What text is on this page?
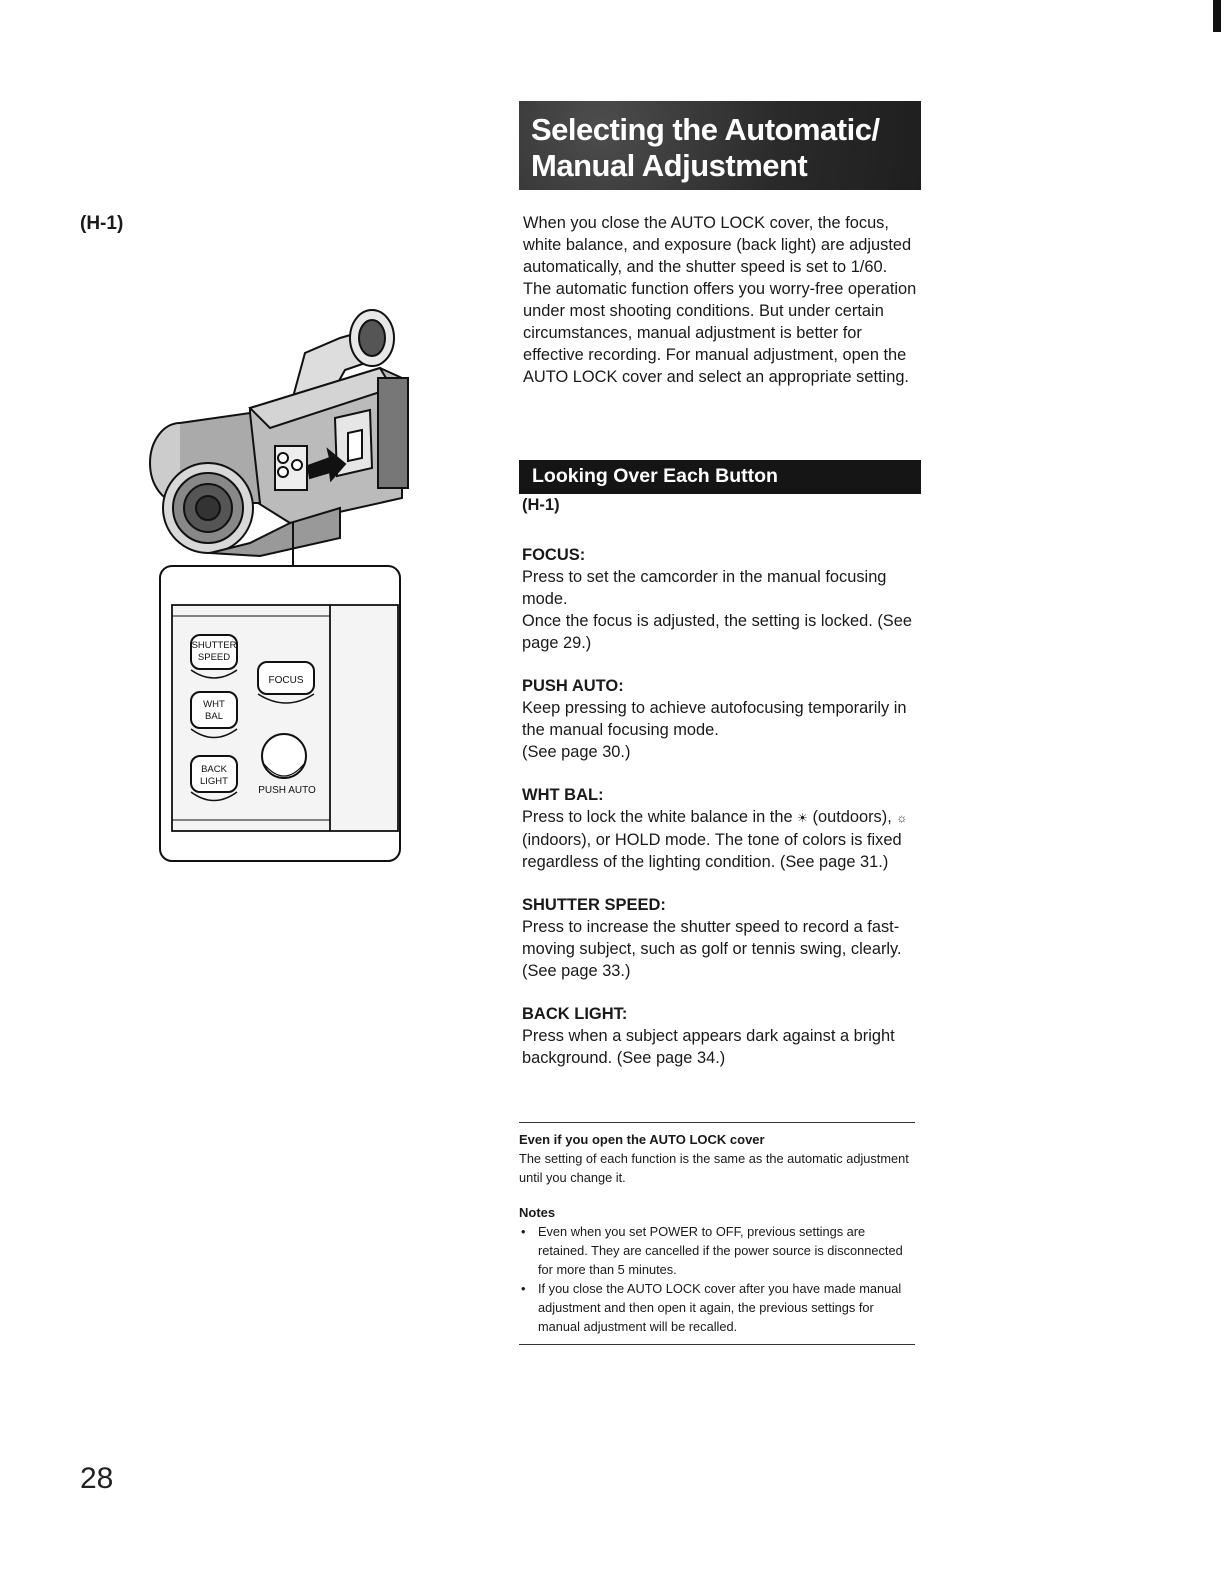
(H-1)
SHUTTER
SPEED
FOCUS
WHT
BAL
BACK
LIGHT
PUSH AUTO
Selecting the Automatic/
Manual Adjustment

When you close the AUTO LOCK cover, the focus, white balance, and exposure (back light) are adjusted automatically, and the shutter speed is set to 1/60.

The automatic function offers you worry-free operation under most shooting conditions. But under certain circumstances, manual adjustment is better for effective recording. For manual adjustment, open the AUTO LOCK cover and select an appropriate setting.

Looking Over Each Button
(H-1)
FOCUS:
Press to set the camcorder in the manual focusing mode.
Once the focus is adjusted, the setting is locked. (See page 29.)
PUSH AUTO:
Keep pressing to achieve autofocusing temporarily in the manual focusing mode.
(See page 30.)
WHT BAL:
Press to lock the white balance in the ☀ (outdoors), ☼ (indoors), or HOLD mode. The tone of colors is fixed regardless of the lighting condition. (See page 31.)
SHUTTER SPEED:
Press to increase the shutter speed to record a fast-moving subject, such as golf or tennis swing, clearly. (See page 33.)
BACK LIGHT:
Press when a subject appears dark against a bright background. (See page 34.)
Even if you open the AUTO LOCK cover
The setting of each function is the same as the automatic adjustment until you change it.
Notes
• Even when you set POWER to OFF, previous settings are retained. They are cancelled if the power source is disconnected for more than 5 minutes.
• If you close the AUTO LOCK cover after you have made manual adjustment and then open it again, the previous settings for manual adjustment will be recalled.
28
